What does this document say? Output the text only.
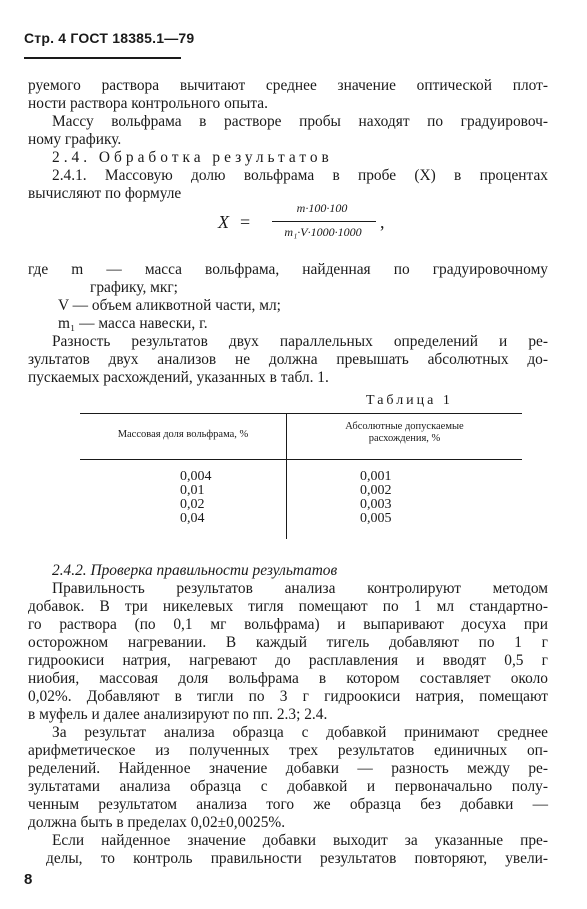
Стр. 4 ГОСТ 18385.1—79
руемого раствора вычитают среднее значение оптической плот-
ности раствора контрольного опыта.
Массу вольфрама в растворе пробы находят по градуировоч-
ному графику.
2.4. Обработка результатов
2.4.1. Массовую долю вольфрама в пробе (X) в процентах
вычисляют по формуле
X =
m·100·100
m₁·V·1000·1000	,
где m — масса вольфрама, найденная по градуировочному
графику, мкг;
V — объем аликвотной части, мл;
m₁ — масса навески, г.
Разность результатов двух параллельных определений и ре-
зультатов двух анализов не должна превышать абсолютных до-
пускаемых расхождений, указанных в табл. 1.
Таблица 1
Массовая доля вольфрама, %
Абсолютные допускаемые
расхождения, %
0,004
0,01
0,02
0,04
0,001
0,002
0,003
0,005
2.4.2. Проверка правильности результатов
Правильность результатов анализа контролируют методом
добавок. В три никелевых тигля помещают по 1 мл стандартно-
го раствора (по 0,1 мг вольфрама) и выпаривают досуха при
осторожном нагревании. В каждый тигель добавляют по 1 г
гидроокиси натрия, нагревают до расплавления и вводят 0,5 г
ниобия, массовая доля вольфрама в котором составляет около
0,02%. Добавляют в тигли по 3 г гидроокиси натрия, помещают
в муфель и далее анализируют по пп. 2.3; 2.4.
За результат анализа образца с добавкой принимают среднее
арифметическое из полученных трех результатов единичных оп-
ределений. Найденное значение добавки — разность между ре-
зультатами анализа образца с добавкой и первоначально полу-
ченным результатом анализа того же образца без добавки —
должна быть в пределах 0,02±0,0025%.
Если найденное значение добавки выходит за указанные пре-
делы, то контроль правильности результатов повторяют, увели-
8
